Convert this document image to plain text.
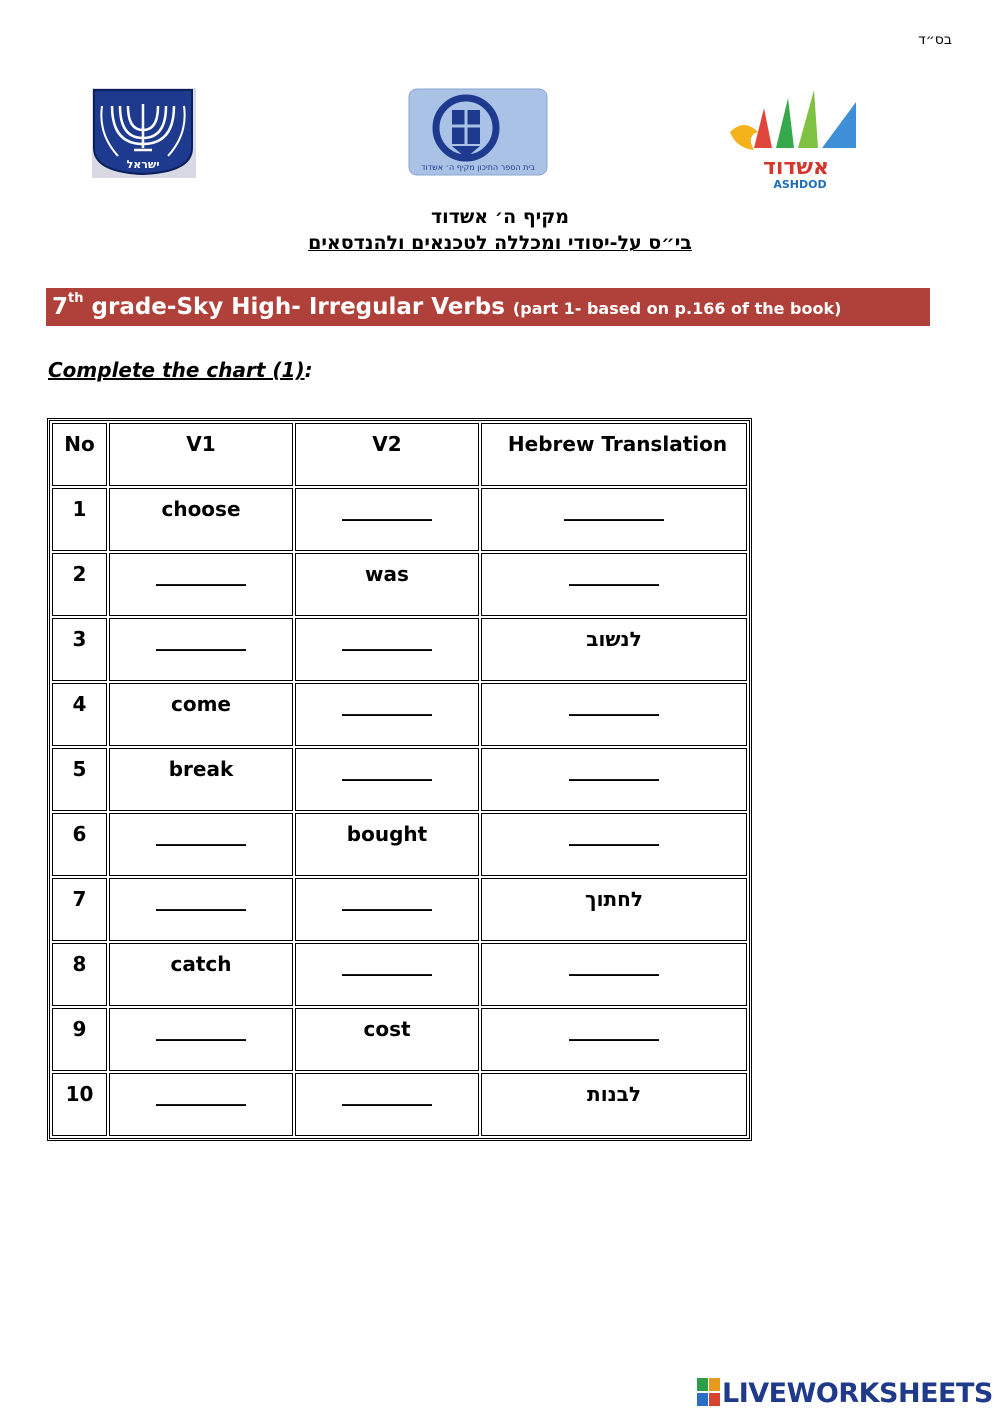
בס״ד
ישראל	בית הספר התיכון מקיף ה׳ אשדוד	אשדוד
ASHDOD
מקיף ה׳ אשדוד
בי״ס על-יסודי ומכללה לטכנאים ולהנדסאים
7th grade-Sky High- Irregular Verbs (part 1- based on p.166 of the book)
Complete the chart (1):
No	V1	V2	Hebrew Translation
1	choose	_________	__________
2	_________	was	_________
3	_________	_________	לנשוב
4	come	_________	_________
5	break	_________	_________
6	_________	bought	_________
7	_________	_________	לחתוך
8	catch	_________	_________
9	_________	cost	_________
10	_________	_________	לבנות
LIVEWORKSHEETS
